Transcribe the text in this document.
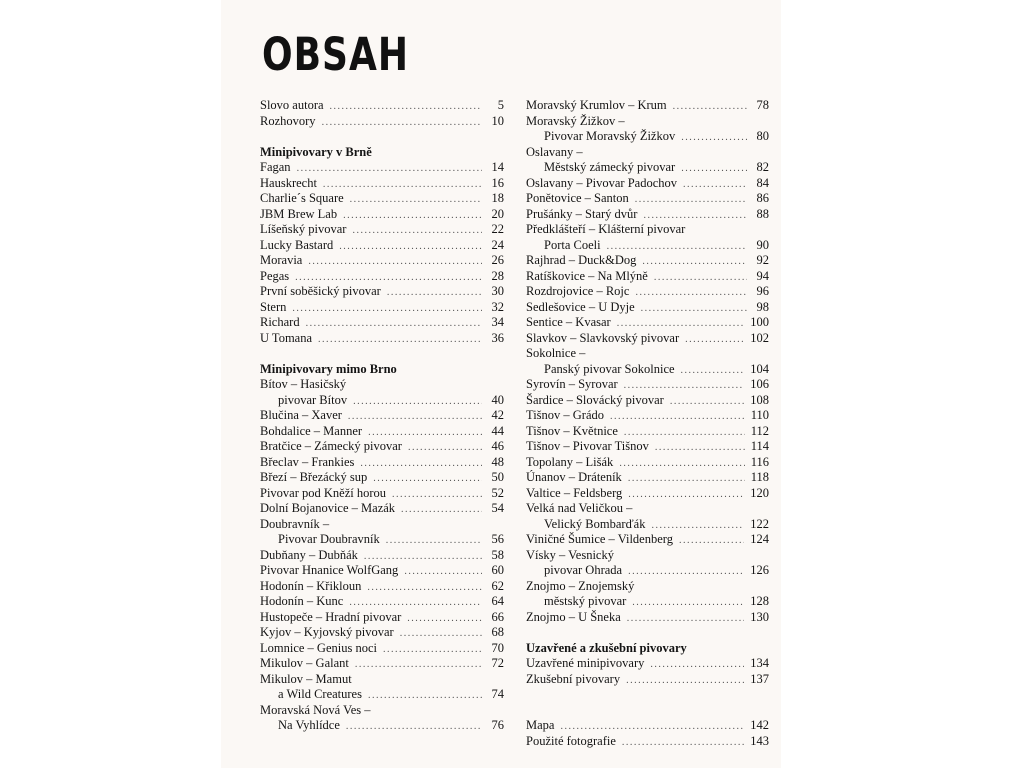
OBSAH
Slovo autora .....	5
Rozhovory .....	10
Minipivovary v Brně
Fagan .....	14
Hauskrecht .....	16
Charlie´s Square .....	18
JBM Brew Lab .....	20
Líšeňský pivovar .....	22
Lucky Bastard .....	24
Moravia .....	26
Pegas .....	28
První soběšický pivovar .....	30
Stern .....	32
Richard .....	34
U Tomana .....	36
Minipivovary mimo Brno
Bítov – Hasičský
pivovar Bítov .....	40
Blučina – Xaver .....	42
Bohdalice – Manner .....	44
Bratčice – Zámecký pivovar .....	46
Břeclav – Frankies .....	48
Březí – Březácký sup .....	50
Pivovar pod Kněží horou .....	52
Dolní Bojanovice – Mazák .....	54
Doubravník –
Pivovar Doubravník .....	56
Dubňany – Dubňák .....	58
Pivovar Hnanice WolfGang .....	60
Hodonín – Křikloun .....	62
Hodonín – Kunc .....	64
Hustopeče – Hradní pivovar .....	66
Kyjov – Kyjovský pivovar .....	68
Lomnice – Genius noci .....	70
Mikulov – Galant .....	72
Mikulov – Mamut
a Wild Creatures .....	74
Moravská Nová Ves –
Na Vyhlídce .....	76
Moravský Krumlov – Krum .....	78
Moravský Žižkov –
Pivovar Moravský Žižkov .....	80
Oslavany –
Městský zámecký pivovar .....	82
Oslavany – Pivovar Padochov .....	84
Ponětovice – Santon .....	86
Prušánky – Starý dvůr .....	88
Předklášteří – Klášterní pivovar
Porta Coeli .....	90
Rajhrad – Duck&Dog .....	92
Ratíškovice – Na Mlýně .....	94
Rozdrojovice – Rojc .....	96
Sedlešovice – U Dyje .....	98
Sentice – Kvasar .....	100
Slavkov – Slavkovský pivovar .....	102
Sokolnice –
Panský pivovar Sokolnice .....	104
Syrovín – Syrovar .....	106
Šardice – Slovácký pivovar .....	108
Tišnov – Grádo .....	110
Tišnov – Květnice .....	112
Tišnov – Pivovar Tišnov .....	114
Topolany – Lišák .....	116
Únanov – Dráteník .....	118
Valtice – Feldsberg .....	120
Velká nad Veličkou –
Velický Bombarďák .....	122
Viničné Šumice – Vildenberg .....	124
Vísky – Vesnický
pivovar Ohrada .....	126
Znojmo – Znojemský
městský pivovar .....	128
Znojmo – U Šneka .....	130
Uzavřené a zkušební pivovary
Uzavřené minipivovary .....	134
Zkušební pivovary .....	137
Mapa .....	142
Použité fotografie .....	143
